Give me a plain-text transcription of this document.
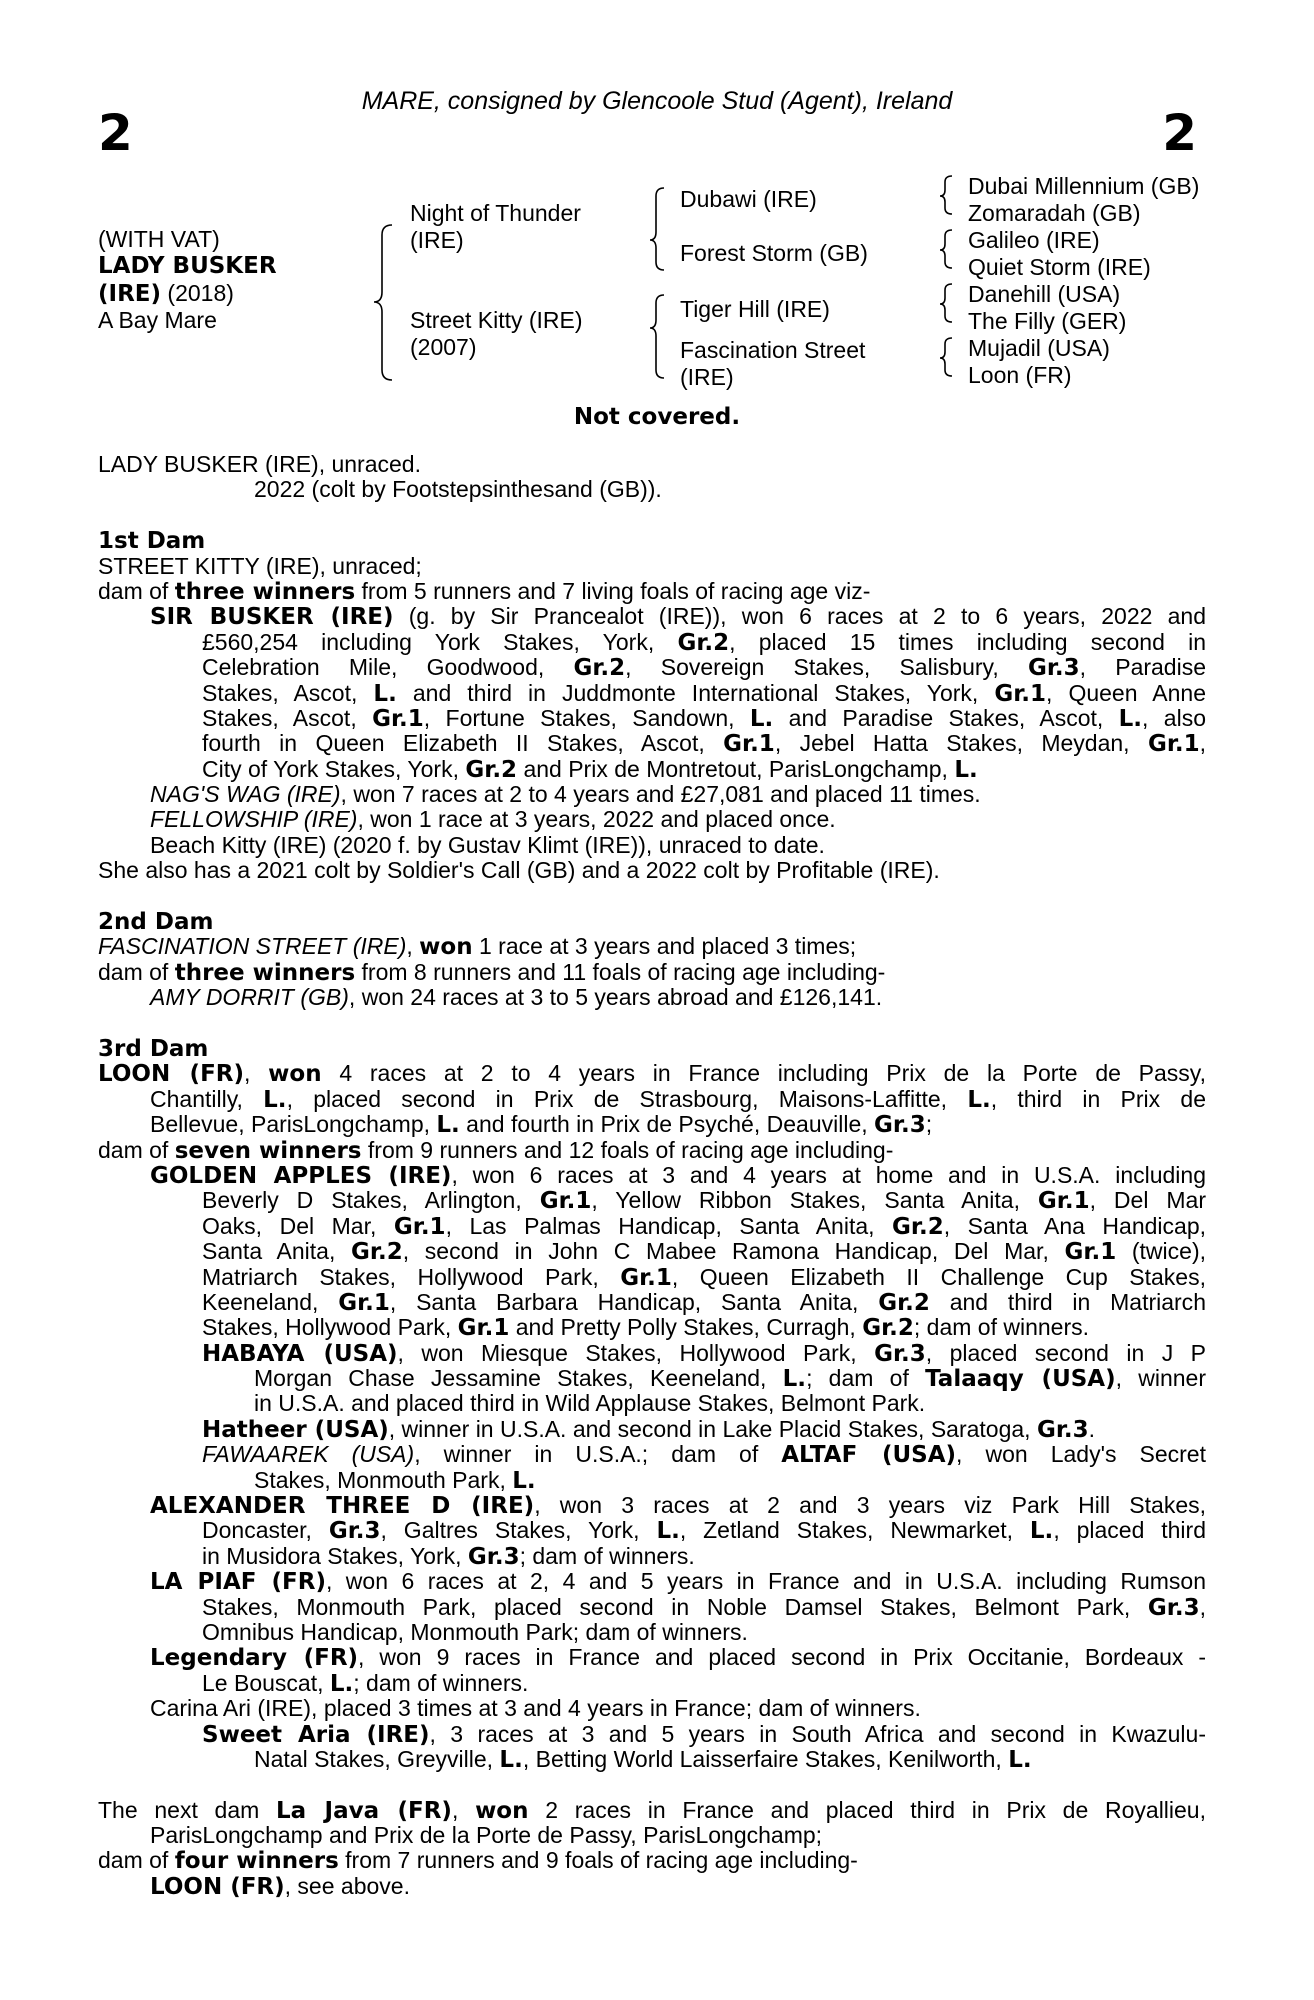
2	2
MARE, consigned by Glencoole Stud (Agent), Ireland
(WITH VAT)
LADY BUSKER
(IRE) (2018)
A Bay Mare
Night of Thunder
(IRE)
Street Kitty (IRE)
(2007)
Dubawi (IRE)
Forest Storm (GB)
Tiger Hill (IRE)
Fascination Street
(IRE)
Dubai Millennium (GB)
Zomaradah (GB)
Galileo (IRE)
Quiet Storm (IRE)
Danehill (USA)
The Filly (GER)
Mujadil (USA)
Loon (FR)
Not covered.
LADY BUSKER (IRE), unraced.
2022 (colt by Footstepsinthesand (GB)).
1st Dam
STREET KITTY (IRE), unraced;
dam of three winners from 5 runners and 7 living foals of racing age viz-
SIR BUSKER (IRE) (g. by Sir Prancealot (IRE)), won 6 races at 2 to 6 years, 2022 and
£560,254 including York Stakes, York, Gr.2, placed 15 times including second in
Celebration Mile, Goodwood, Gr.2, Sovereign Stakes, Salisbury, Gr.3, Paradise
Stakes, Ascot, L. and third in Juddmonte International Stakes, York, Gr.1, Queen Anne
Stakes, Ascot, Gr.1, Fortune Stakes, Sandown, L. and Paradise Stakes, Ascot, L., also
fourth in Queen Elizabeth II Stakes, Ascot, Gr.1, Jebel Hatta Stakes, Meydan, Gr.1,
City of York Stakes, York, Gr.2 and Prix de Montretout, ParisLongchamp, L.
NAG'S WAG (IRE), won 7 races at 2 to 4 years and £27,081 and placed 11 times.
FELLOWSHIP (IRE), won 1 race at 3 years, 2022 and placed once.
Beach Kitty (IRE) (2020 f. by Gustav Klimt (IRE)), unraced to date.
She also has a 2021 colt by Soldier's Call (GB) and a 2022 colt by Profitable (IRE).
2nd Dam
FASCINATION STREET (IRE), won 1 race at 3 years and placed 3 times;
dam of three winners from 8 runners and 11 foals of racing age including-
AMY DORRIT (GB), won 24 races at 3 to 5 years abroad and £126,141.
3rd Dam
LOON (FR), won 4 races at 2 to 4 years in France including Prix de la Porte de Passy,
Chantilly, L., placed second in Prix de Strasbourg, Maisons-Laffitte, L., third in Prix de
Bellevue, ParisLongchamp, L. and fourth in Prix de Psyché, Deauville, Gr.3;
dam of seven winners from 9 runners and 12 foals of racing age including-
GOLDEN APPLES (IRE), won 6 races at 3 and 4 years at home and in U.S.A. including
Beverly D Stakes, Arlington, Gr.1, Yellow Ribbon Stakes, Santa Anita, Gr.1, Del Mar
Oaks, Del Mar, Gr.1, Las Palmas Handicap, Santa Anita, Gr.2, Santa Ana Handicap,
Santa Anita, Gr.2, second in John C Mabee Ramona Handicap, Del Mar, Gr.1 (twice),
Matriarch Stakes, Hollywood Park, Gr.1, Queen Elizabeth II Challenge Cup Stakes,
Keeneland, Gr.1, Santa Barbara Handicap, Santa Anita, Gr.2 and third in Matriarch
Stakes, Hollywood Park, Gr.1 and Pretty Polly Stakes, Curragh, Gr.2; dam of winners.
HABAYA (USA), won Miesque Stakes, Hollywood Park, Gr.3, placed second in J P
Morgan Chase Jessamine Stakes, Keeneland, L.; dam of Talaaqy (USA), winner
in U.S.A. and placed third in Wild Applause Stakes, Belmont Park.
Hatheer (USA), winner in U.S.A. and second in Lake Placid Stakes, Saratoga, Gr.3.
FAWAAREK (USA), winner in U.S.A.; dam of ALTAF (USA), won Lady's Secret
Stakes, Monmouth Park, L.
ALEXANDER THREE D (IRE), won 3 races at 2 and 3 years viz Park Hill Stakes,
Doncaster, Gr.3, Galtres Stakes, York, L., Zetland Stakes, Newmarket, L., placed third
in Musidora Stakes, York, Gr.3; dam of winners.
LA PIAF (FR), won 6 races at 2, 4 and 5 years in France and in U.S.A. including Rumson
Stakes, Monmouth Park, placed second in Noble Damsel Stakes, Belmont Park, Gr.3,
Omnibus Handicap, Monmouth Park; dam of winners.
Legendary (FR), won 9 races in France and placed second in Prix Occitanie, Bordeaux -
Le Bouscat, L.; dam of winners.
Carina Ari (IRE), placed 3 times at 3 and 4 years in France; dam of winners.
Sweet Aria (IRE), 3 races at 3 and 5 years in South Africa and second in Kwazulu-
Natal Stakes, Greyville, L., Betting World Laisserfaire Stakes, Kenilworth, L.
The next dam La Java (FR), won 2 races in France and placed third in Prix de Royallieu,
ParisLongchamp and Prix de la Porte de Passy, ParisLongchamp;
dam of four winners from 7 runners and 9 foals of racing age including-
LOON (FR), see above.
